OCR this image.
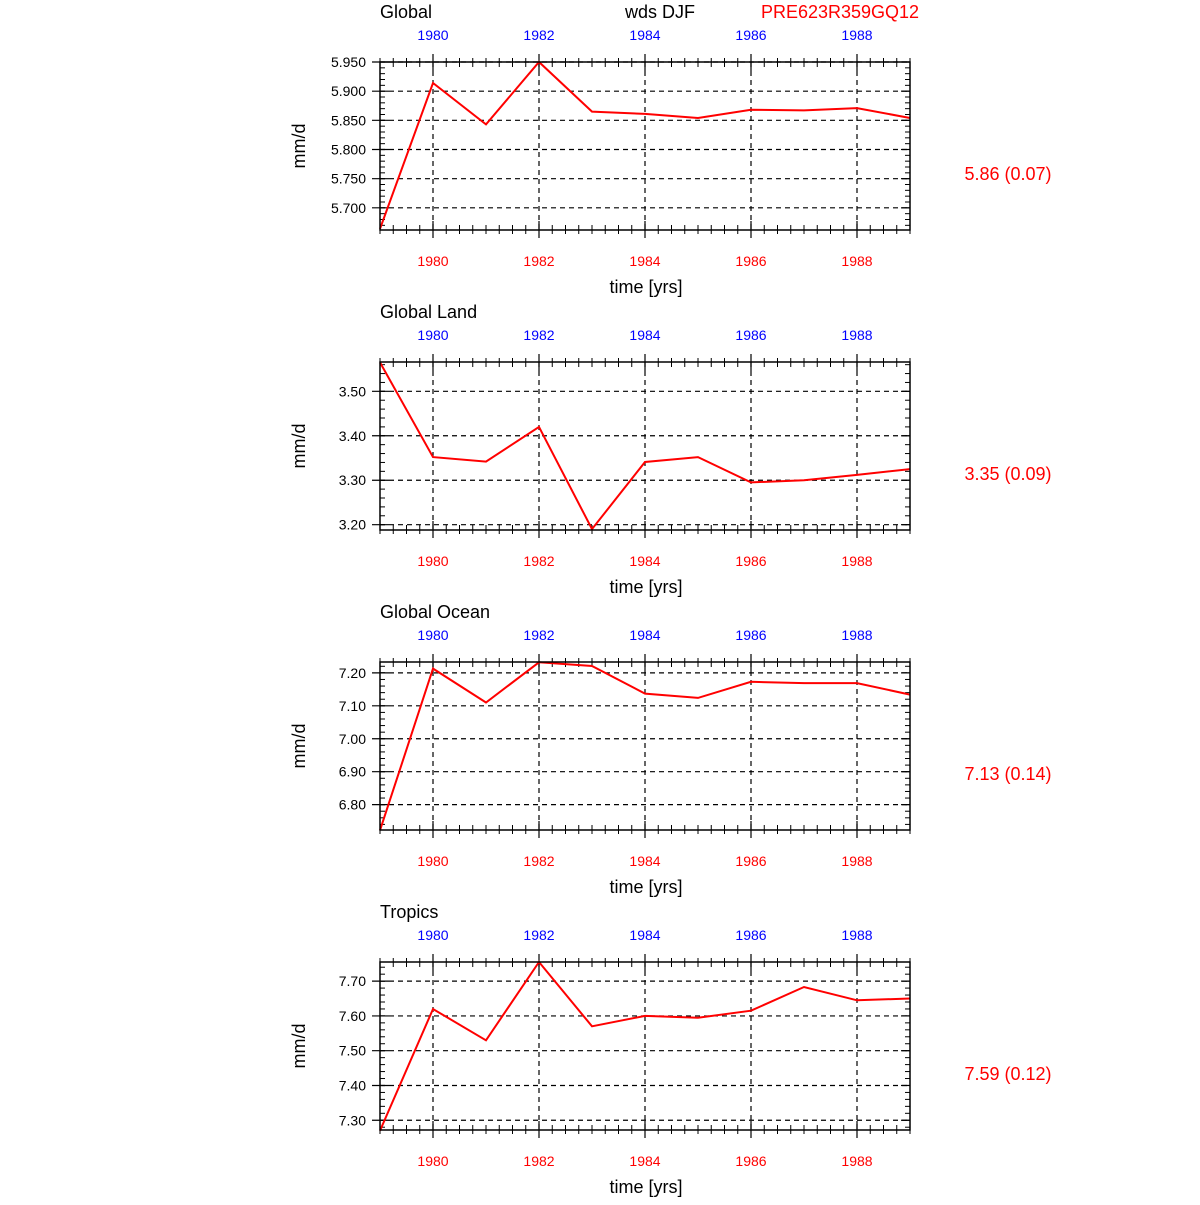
wds DJF	PRE623R359GQ12
5.700
5.750
5.800
5.850
5.900
5.950
1980
1980
1982
1982
1984
1984
1986
1986
1988
1988
Global
time [yrs]
mm/d
5.86 (0.07)
3.20
3.30
3.40
3.50
1980
1980
1982
1982
1984
1984
1986
1986
1988
1988
Global Land
time [yrs]
mm/d
3.35 (0.09)
6.80
6.90
7.00
7.10
7.20
1980
1980
1982
1982
1984
1984
1986
1986
1988
1988
Global Ocean
time [yrs]
mm/d
7.13 (0.14)
7.30
7.40
7.50
7.60
7.70
1980
1980
1982
1982
1984
1984
1986
1986
1988
1988
Tropics
time [yrs]
mm/d
7.59 (0.12)
